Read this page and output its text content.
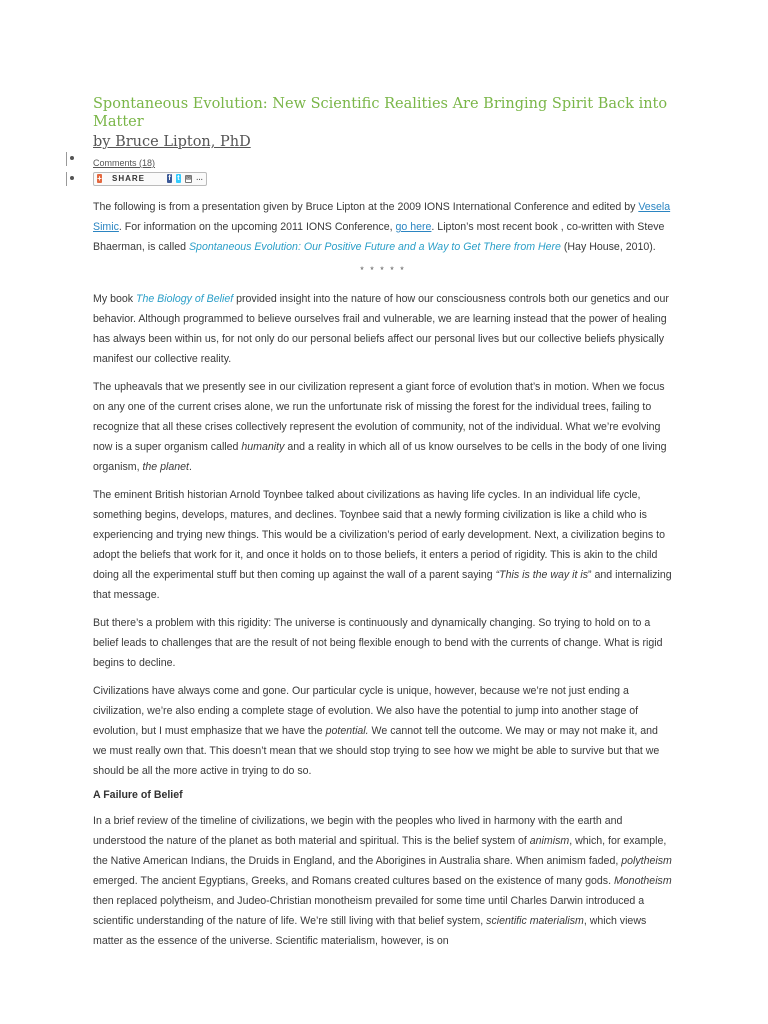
Spontaneous Evolution: New Scientific Realities Are Bringing Spirit Back into Matter
by Bruce Lipton, PhD
Comments (18)
+ SHARE	f t ✉ …

The following is from a presentation given by Bruce Lipton at the 2009 IONS International Conference and edited by Vesela Simic. For information on the upcoming 2011 IONS Conference, go here. Lipton’s most recent book , co-written with Steve Bhaerman, is called Spontaneous Evolution: Our Positive Future and a Way to Get There from Here (Hay House, 2010).

* * * * *

My book The Biology of Belief provided insight into the nature of how our consciousness controls both our genetics and our behavior. Although programmed to believe ourselves frail and vulnerable, we are learning instead that the power of healing has always been within us, for not only do our personal beliefs affect our personal lives but our collective beliefs physically manifest our collective reality.

The upheavals that we presently see in our civilization represent a giant force of evolution that’s in motion. When we focus on any one of the current crises alone, we run the unfortunate risk of missing the forest for the individual trees, failing to recognize that all these crises collectively represent the evolution of community, not of the individual. What we’re evolving now is a super organism called humanity and a reality in which all of us know ourselves to be cells in the body of one living organism, the planet.

The eminent British historian Arnold Toynbee talked about civilizations as having life cycles. In an individual life cycle, something begins, develops, matures, and declines. Toynbee said that a newly forming civilization is like a child who is experiencing and trying new things. This would be a civilization’s period of early development. Next, a civilization begins to adopt the beliefs that work for it, and once it holds on to those beliefs, it enters a period of rigidity. This is akin to the child doing all the experimental stuff but then coming up against the wall of a parent saying “This is the way it is” and internalizing that message.

But there’s a problem with this rigidity: The universe is continuously and dynamically changing. So trying to hold on to a belief leads to challenges that are the result of not being flexible enough to bend with the currents of change. What is rigid begins to decline.

Civilizations have always come and gone. Our particular cycle is unique, however, because we’re not just ending a civilization, we’re also ending a complete stage of evolution. We also have the potential to jump into another stage of evolution, but I must emphasize that we have the potential. We cannot tell the outcome. We may or may not make it, and we must really own that. This doesn’t mean that we should stop trying to see how we might be able to survive but that we should be all the more active in trying to do so.

A Failure of Belief

In a brief review of the timeline of civilizations, we begin with the peoples who lived in harmony with the earth and understood the nature of the planet as both material and spiritual. This is the belief system of animism, which, for example, the Native American Indians, the Druids in England, and the Aborigines in Australia share. When animism faded, polytheism emerged. The ancient Egyptians, Greeks, and Romans created cultures based on the existence of many gods. Monotheism then replaced polytheism, and Judeo-Christian monotheism prevailed for some time until Charles Darwin introduced a scientific understanding of the nature of life. We’re still living with that belief system, scientific materialism, which views matter as the essence of the universe. Scientific materialism, however, is on
